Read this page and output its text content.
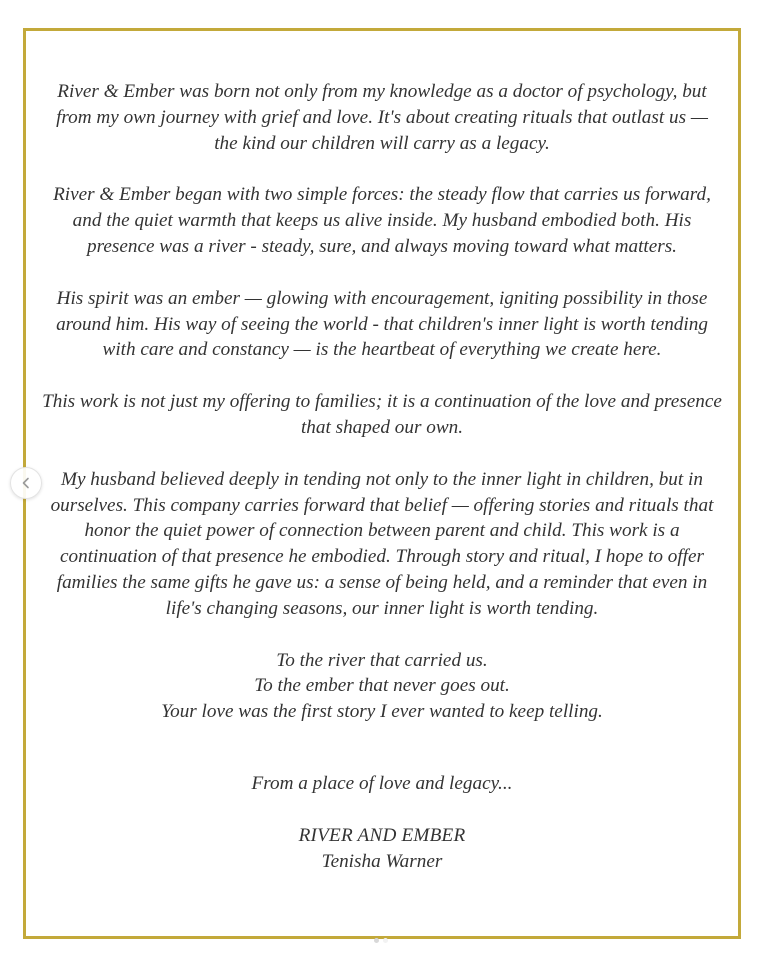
River & Ember was born not only from my knowledge as a doctor of psychology, but from my own journey with grief and love. It's about creating rituals that outlast us — the kind our children will carry as a legacy.

River & Ember began with two simple forces: the steady flow that carries us forward, and the quiet warmth that keeps us alive inside. My husband embodied both. His presence was a river - steady, sure, and always moving toward what matters.

His spirit was an ember — glowing with encouragement, igniting possibility in those around him. His way of seeing the world - that children's inner light is worth tending with care and constancy — is the heartbeat of everything we create here.

This work is not just my offering to families; it is a continuation of the love and presence that shaped our own.

My husband believed deeply in tending not only to the inner light in children, but in ourselves. This company carries forward that belief — offering stories and rituals that honor the quiet power of connection between parent and child. This work is a continuation of that presence he embodied. Through story and ritual, I hope to offer families the same gifts he gave us: a sense of being held, and a reminder that even in life's changing seasons, our inner light is worth tending.

To the river that carried us.

To the ember that never goes out.

Your love was the first story I ever wanted to keep telling.

From a place of love and legacy...

RIVER AND EMBER
Tenisha Warner
